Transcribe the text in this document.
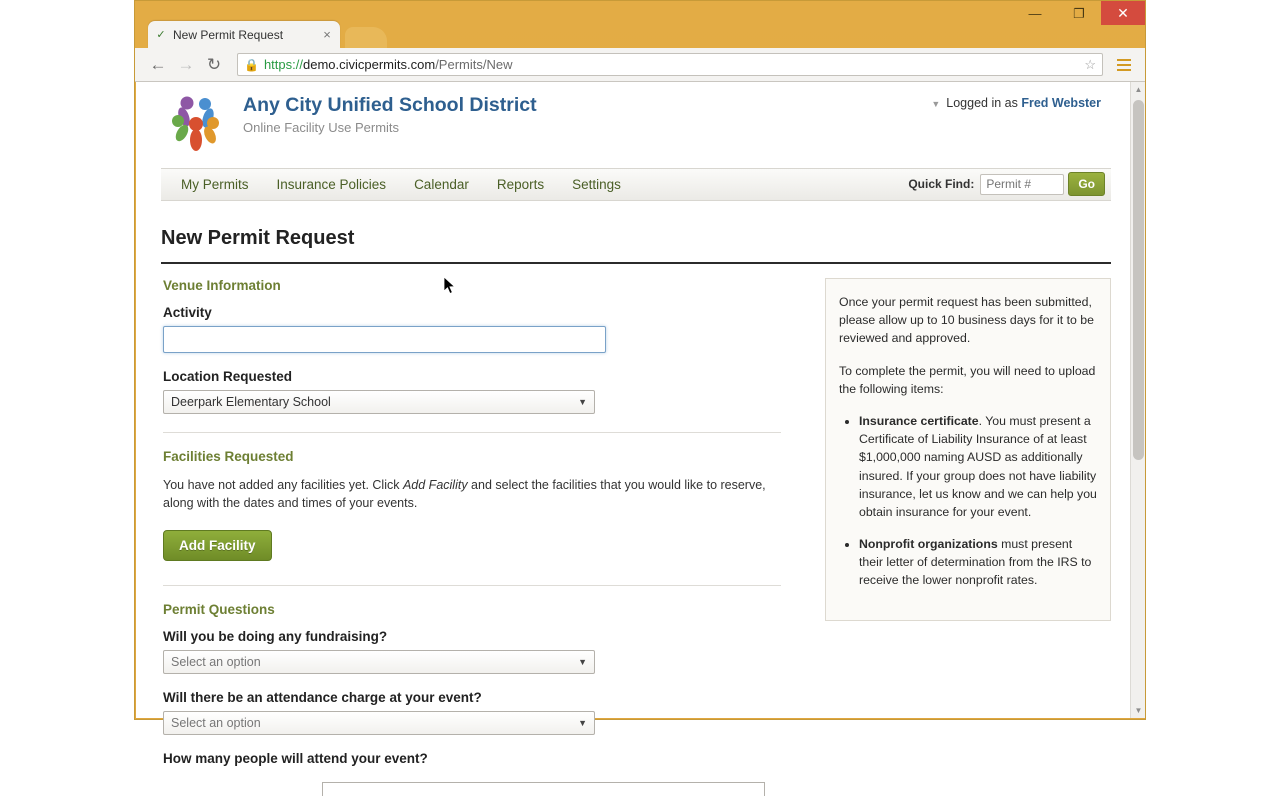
—	❐	✕
✓ New Permit Request	×
← → ↻	🔒 https://demo.civicpermits.com/Permits/New	☆
Any City Unified School District
Online Facility Use Permits
▼ Logged in as Fred Webster
My Permits	Insurance Policies	Calendar	Reports	Settings	Quick Find:
Permit #	Go
New Permit Request
Venue Information
Activity
Location Requested
Deerpark Elementary School	▼
Facilities Requested
You have not added any facilities yet. Click Add Facility and select the facilities that you would like to reserve, along with the dates and times of your events.
Add Facility
Permit Questions
Will you be doing any fundraising?
Select an option	▼
Will there be an attendance charge at your event?
Select an option	▼
How many people will attend your event?

Once your permit request has been submitted, please allow up to 10 business days for it to be reviewed and approved.

To complete the permit, you will need to upload the following items:

• Insurance certificate. You must present a Certificate of Liability Insurance of at least $1,000,000 naming AUSD as additionally insured. If your group does not have liability insurance, let us know and we can help you obtain insurance for your event.
• Nonprofit organizations must present their letter of determination from the IRS to receive the lower nonprofit rates.
▲
▼
